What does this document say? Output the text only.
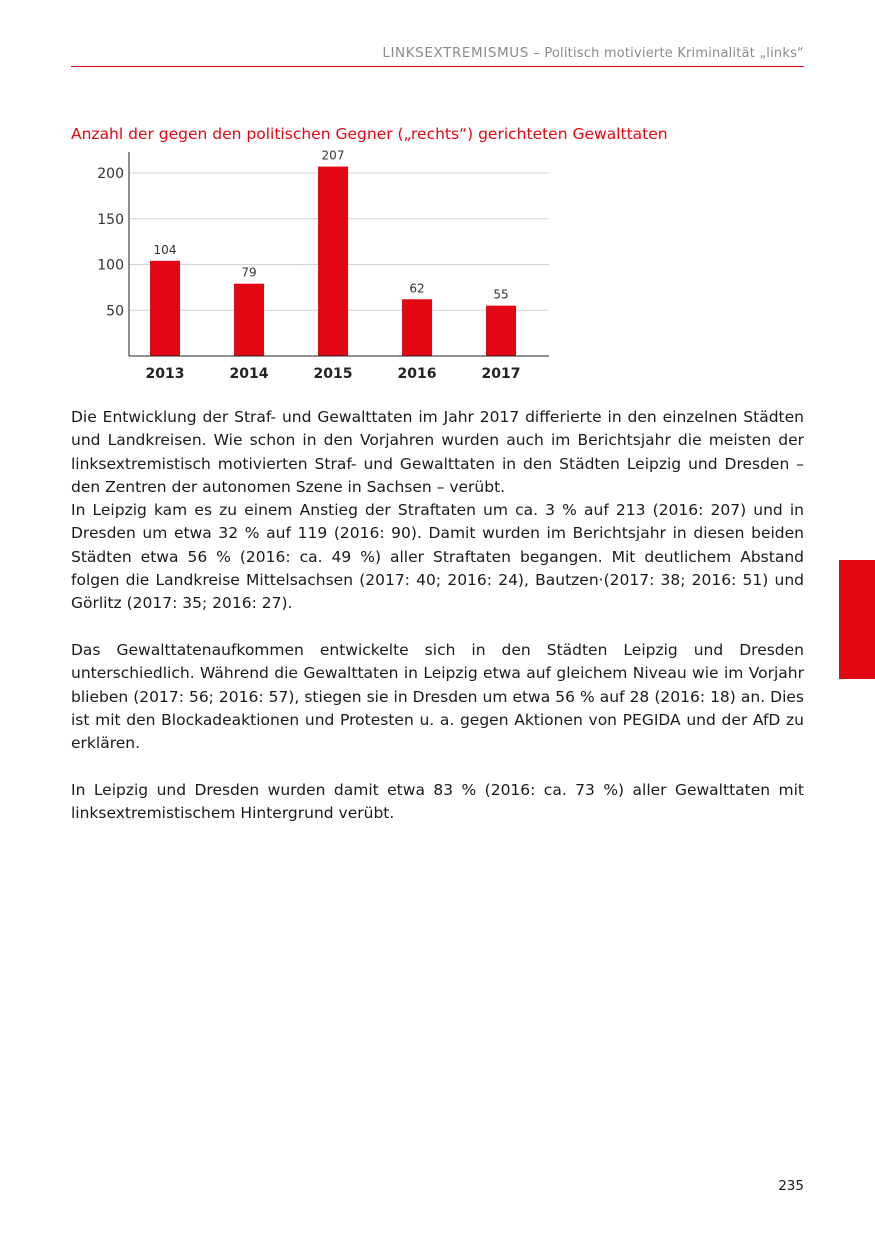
LINKSEXTREMISMUS – Politisch motivierte Kriminalität „links“
Anzahl der gegen den politischen Gegner („rechts“) gerichteten Gewalttaten
50
100
150
200
104
2013
79
2014
207
2015
62
2016
55
2017

Die Entwicklung der Straf- und Gewalttaten im Jahr 2017 differierte in den einzelnen Städten und Landkreisen. Wie schon in den Vorjahren wurden auch im Berichtsjahr die meisten der linksextremistisch motivierten Straf- und Gewalttaten in den Städten Leipzig und Dresden – den Zentren der autonomen Szene in Sachsen – verübt.

In Leipzig kam es zu einem Anstieg der Straftaten um ca. 3 % auf 213 (2016: 207) und in Dresden um etwa 32 % auf 119 (2016: 90). Damit wurden im Berichtsjahr in diesen beiden Städten etwa 56 % (2016: ca. 49 %) aller Straftaten begangen. Mit deutlichem Abstand folgen die Landkreise Mittelsachsen (2017: 40; 2016: 24), Bautzen·(2017: 38; 2016: 51) und Görlitz (2017: 35; 2016: 27).

Das Gewalttatenaufkommen entwickelte sich in den Städten Leipzig und Dresden unterschiedlich. Während die Gewalttaten in Leipzig etwa auf gleichem Niveau wie im Vorjahr blieben (2017: 56; 2016: 57), stiegen sie in Dresden um etwa 56 % auf 28 (2016: 18) an. Dies ist mit den Blockadeaktionen und Protesten u. a. gegen Aktionen von PEGIDA und der AfD zu erklären.

In Leipzig und Dresden wurden damit etwa 83 % (2016: ca. 73 %) aller Gewalttaten mit linksextremistischem Hintergrund verübt.

235
